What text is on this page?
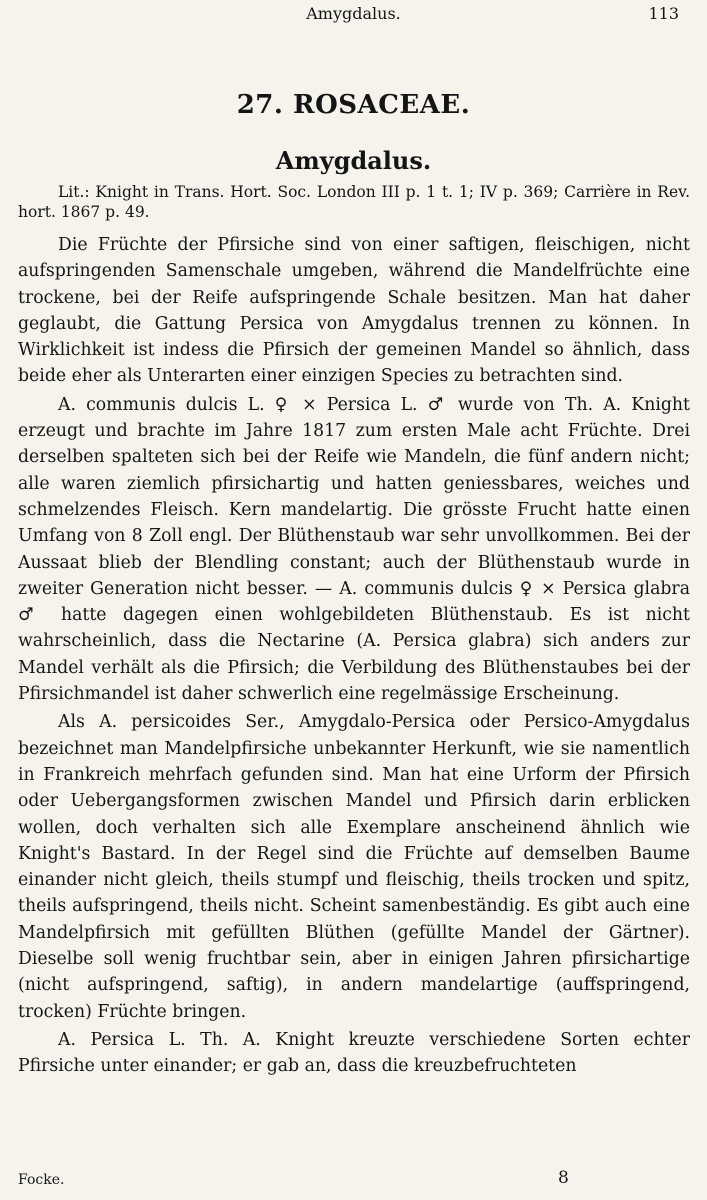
Amygdalus.	113
27. ROSACEAE.
Amygdalus.
Lit.: Knight in Trans. Hort. Soc. London III p. 1 t. 1; IV p. 369; Carrière in Rev. hort. 1867 p. 49.

Die Früchte der Pfirsiche sind von einer saftigen, fleischigen, nicht aufspringenden Samenschale umgeben, während die Mandelfrüchte eine trockene, bei der Reife aufspringende Schale besitzen. Man hat daher geglaubt, die Gattung Persica von Amygdalus trennen zu können. In Wirklichkeit ist indess die Pfirsich der gemeinen Mandel so ähnlich, dass beide eher als Unterarten einer einzigen Species zu betrachten sind.

A. communis dulcis L. ♀ × Persica L. ♂ wurde von Th. A. Knight erzeugt und brachte im Jahre 1817 zum ersten Male acht Früchte. Drei derselben spalteten sich bei der Reife wie Mandeln, die fünf andern nicht; alle waren ziemlich pfirsichartig und hatten geniessbares, weiches und schmelzendes Fleisch. Kern mandelartig. Die grösste Frucht hatte einen Umfang von 8 Zoll engl. Der Blüthenstaub war sehr unvollkommen. Bei der Aussaat blieb der Blendling constant; auch der Blüthenstaub wurde in zweiter Generation nicht besser. — A. communis dulcis ♀ × Persica glabra ♂ hatte dagegen einen wohlgebildeten Blüthenstaub. Es ist nicht wahrscheinlich, dass die Nectarine (A. Persica glabra) sich anders zur Mandel verhält als die Pfirsich; die Verbildung des Blüthenstaubes bei der Pfirsichmandel ist daher schwerlich eine regelmässige Erscheinung.

Als A. persicoides Ser., Amygdalo-Persica oder Persico-Amygdalus bezeichnet man Mandelpfirsiche unbekannter Herkunft, wie sie namentlich in Frankreich mehrfach gefunden sind. Man hat eine Urform der Pfirsich oder Uebergangsformen zwischen Mandel und Pfirsich darin erblicken wollen, doch verhalten sich alle Exemplare anscheinend ähnlich wie Knight's Bastard. In der Regel sind die Früchte auf demselben Baume einander nicht gleich, theils stumpf und fleischig, theils trocken und spitz, theils aufspringend, theils nicht. Scheint samenbeständig. Es gibt auch eine Mandelpfirsich mit gefüllten Blüthen (gefüllte Mandel der Gärtner). Dieselbe soll wenig fruchtbar sein, aber in einigen Jahren pfirsichartige (nicht aufspringend, saftig), in andern mandelartige (auffspringend, trocken) Früchte bringen.

A. Persica L. Th. A. Knight kreuzte verschiedene Sorten echter Pfirsiche unter einander; er gab an, dass die kreuzbefruchteten

Focke.	8
